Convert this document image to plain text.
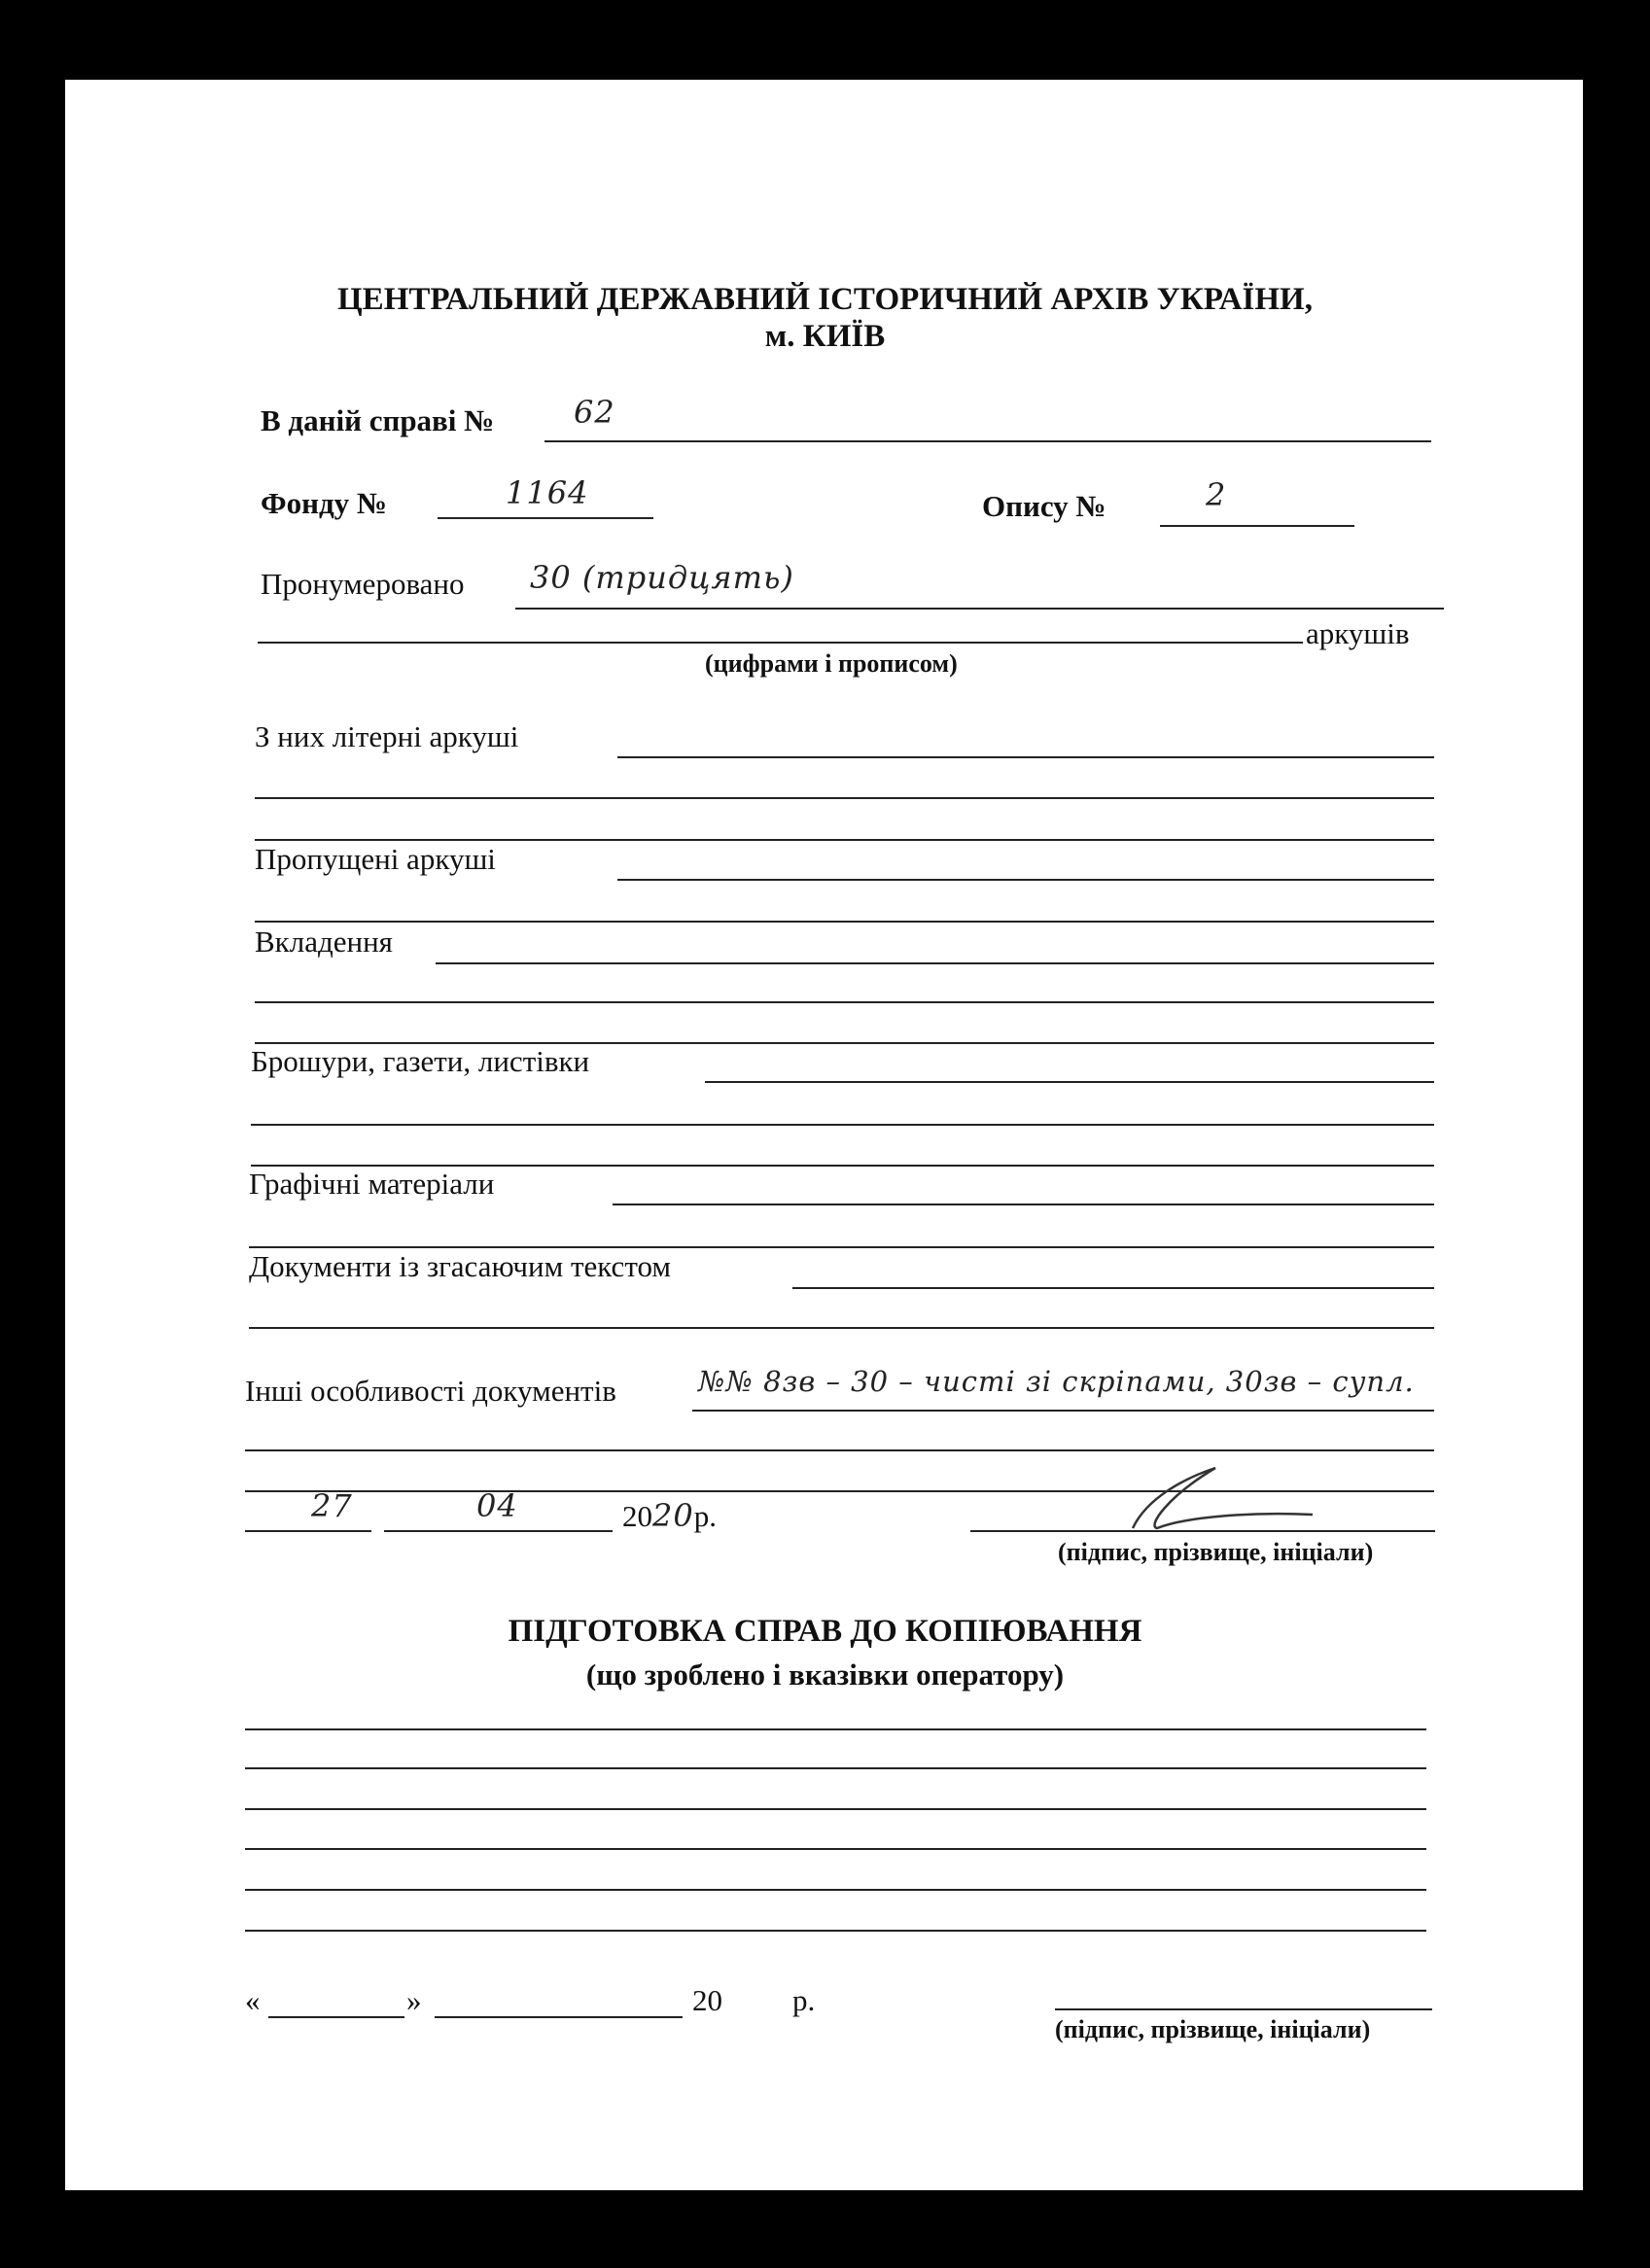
ЦЕНТРАЛЬНИЙ ДЕРЖАВНИЙ ІСТОРИЧНИЙ АРХІВ УКРАЇНИ,
м. КИЇВ
В даній справі №	62
Фонду №	1164	Опису №	2
Пронумеровано 30 (тридцять)
аркушів
(цифрами і прописом)
З них літерні аркуші
Пропущені аркуші
Вкладення
Брошури, газети, листівки
Графічні матеріали
Документи із згасаючим текстом
Інші особливості документів	№№ 8зв – 30 – чисті зі скріпами, 30зв – супл.
27	04	2020р.
(підпис, прізвище, ініціали)
ПІДГОТОВКА СПРАВ ДО КОПІЮВАННЯ
(що зроблено і вказівки оператору)
«	»	20 р.
(підпис, прізвище, ініціали)
